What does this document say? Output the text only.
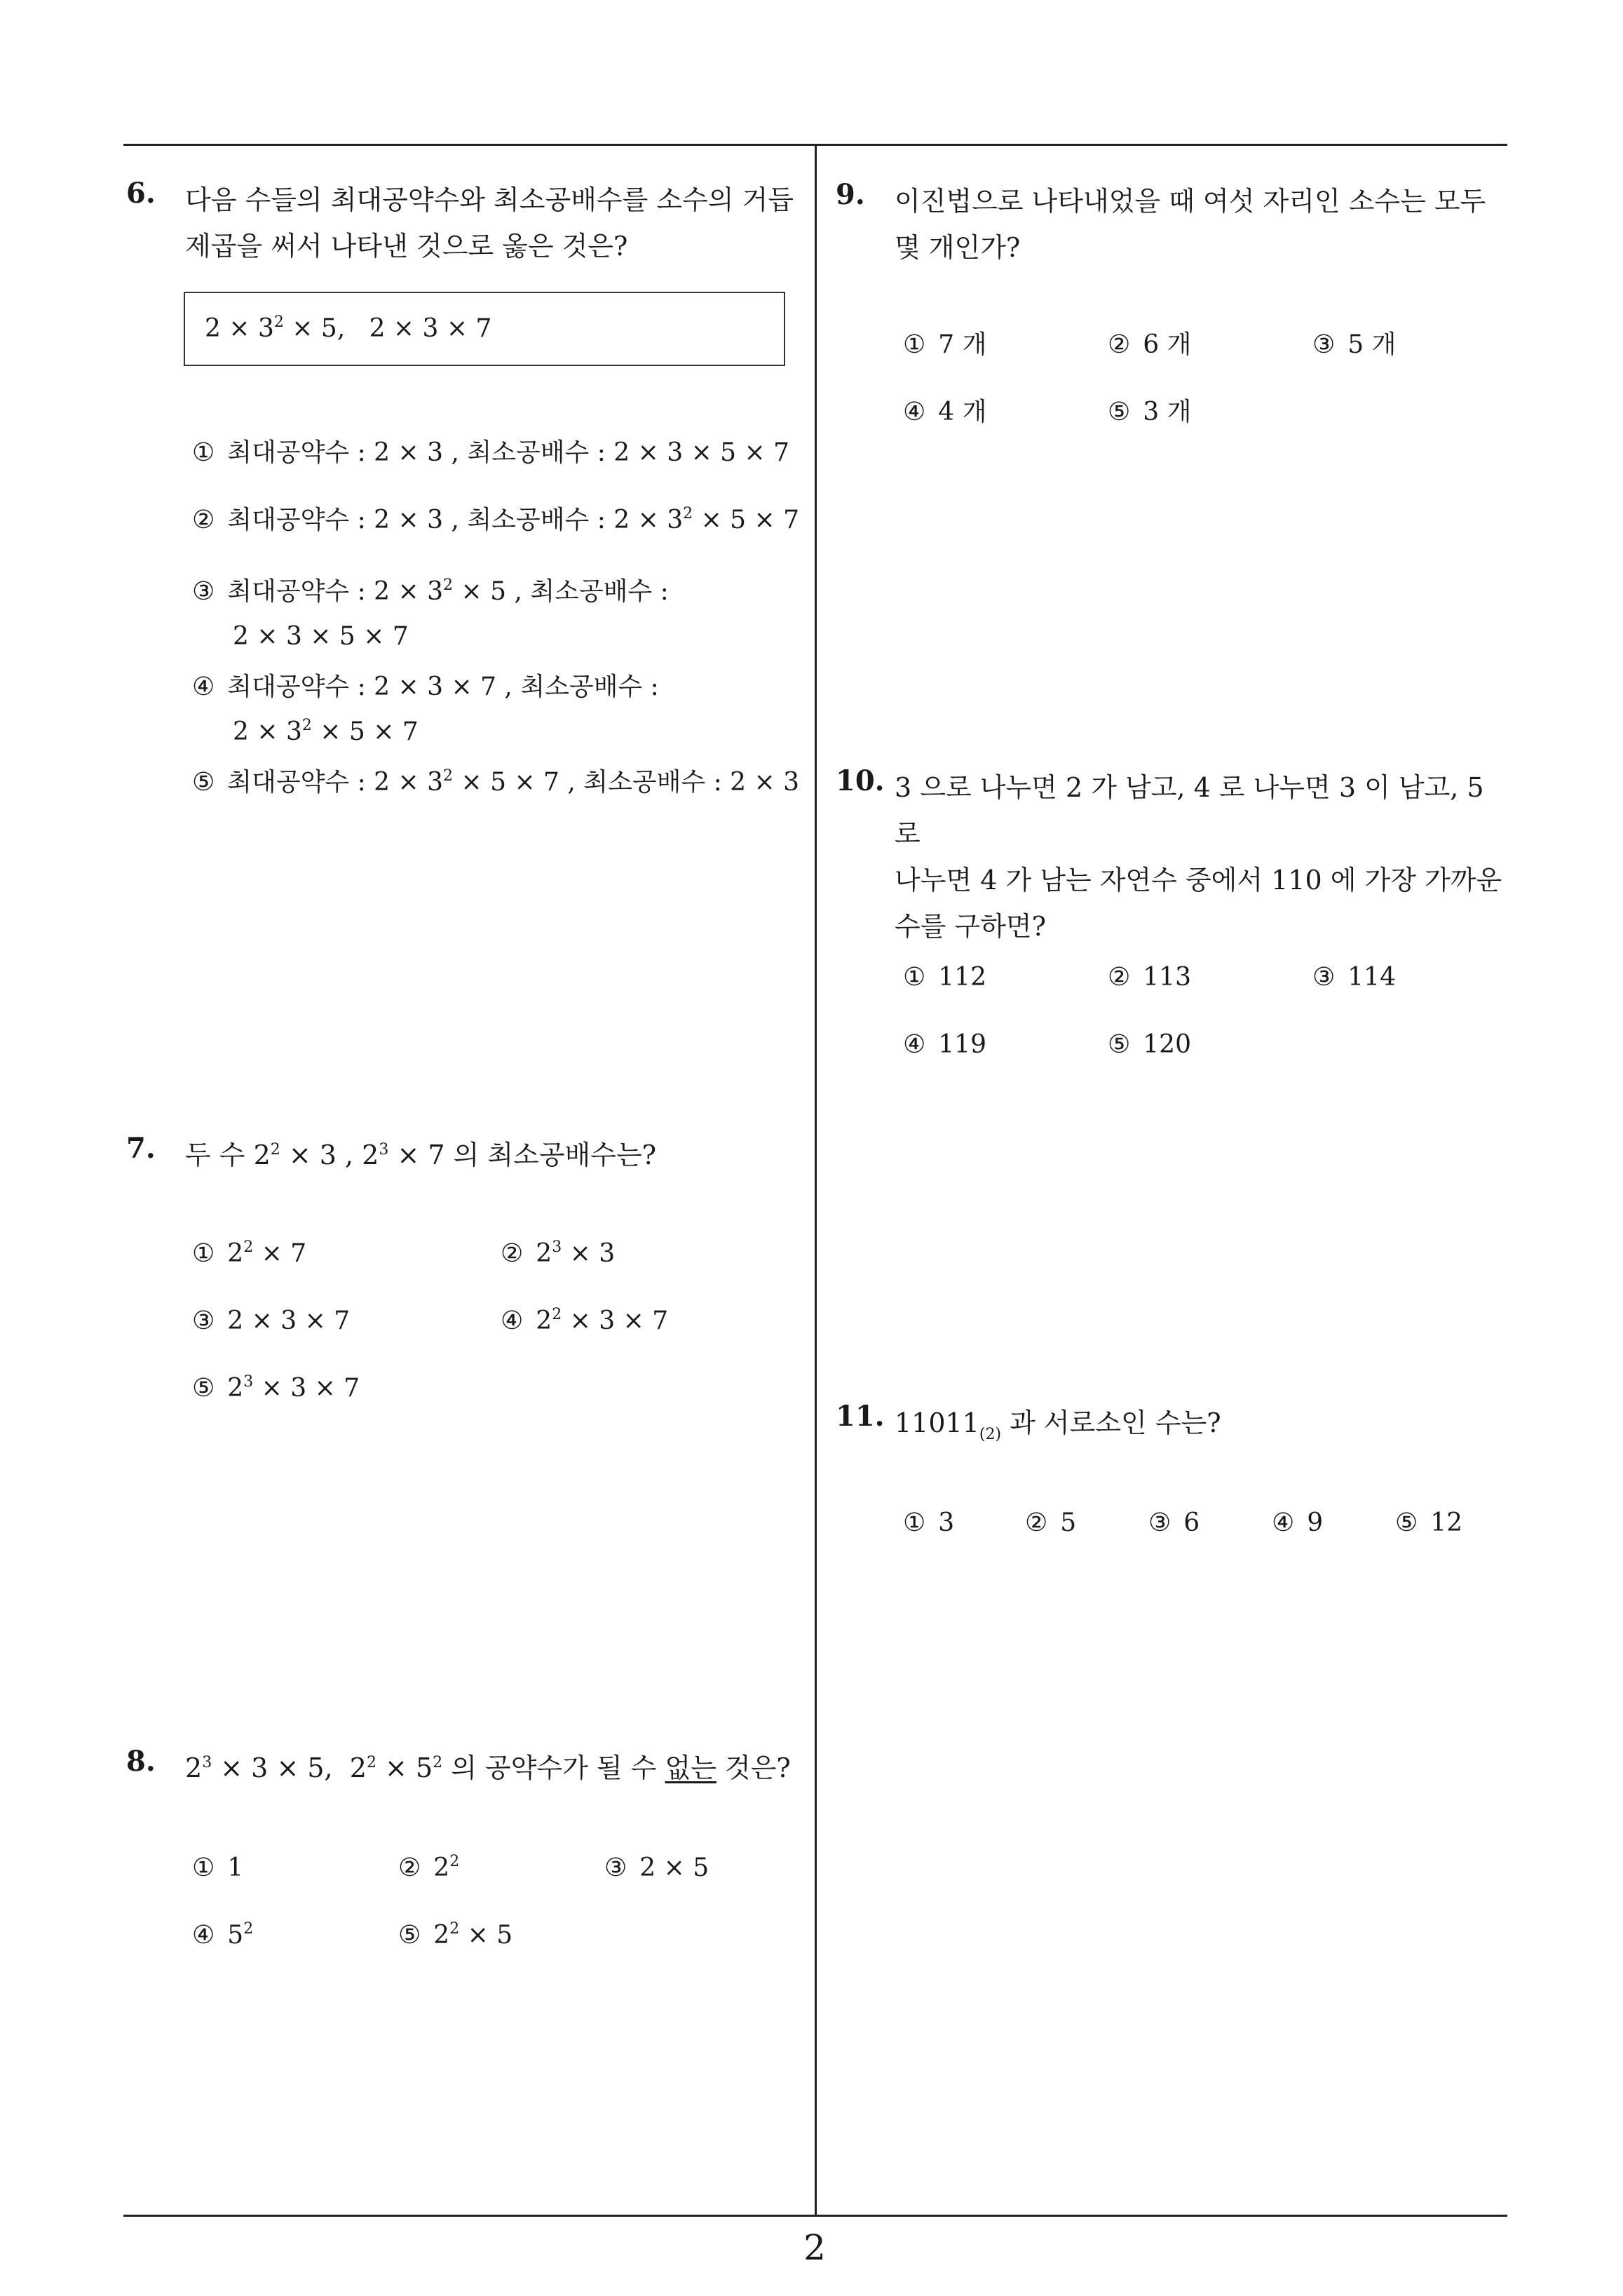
6. 다음 수들의 최대공약수와 최소공배수를 소수의 거듭
제곱을 써서 나타낸 것으로 옳은 것은?
$2 \times 3^2 \times 5$,   2 × 3 × 7
① 최대공약수 : 2 × 3 , 최소공배수 : 2 × 3 × 5 × 7
② 최대공약수 : 2 × 3 , 최소공배수 : $2 \times 3^2 \times 5 \times 7$
③ 최대공약수 : $2 \times 3^2 \times 5$ , 최소공배수 :
2 × 3 × 5 × 7
④ 최대공약수 : 2 × 3 × 7 , 최소공배수 :
$2 \times 3^2 \times 5 \times 7$
⑤ 최대공약수 : $2 \times 3^2 \times 5 \times 7$ , 최소공배수 : 2 × 3
7. 두 수 $2^2 \times 3$ , $2^3 \times 7$ 의 최소공배수는?
① $2^2 \times 7$	② $2^3 \times 3$
③ 2 × 3 × 7	④ $2^2 \times 3 \times 7$
⑤ $2^3 \times 3 \times 7$
8. $2^3 \times 3 \times 5$,  $2^2 \times 5^2$ 의 공약수가 될 수 없는 것은?
① 1	② $2^2$	③ 2 × 5
④ $5^2$	⑤ $2^2 \times 5$
9. 이진법으로 나타내었을 때 여섯 자리인 소수는 모두
몇 개인가?
① 7 개	② 6 개	③ 5 개
④ 4 개	⑤ 3 개
10. 3 으로 나누면 2 가 남고, 4 로 나누면 3 이 남고, 5 로
나누면 4 가 남는 자연수 중에서 110 에 가장 가까운
수를 구하면?
① 112	② 113	③ 114
④ 119	⑤ 120
11. $11011_{(2)}$ 과 서로소인 수는?
① 3	② 5	③ 6	④ 9	⑤ 12
2
